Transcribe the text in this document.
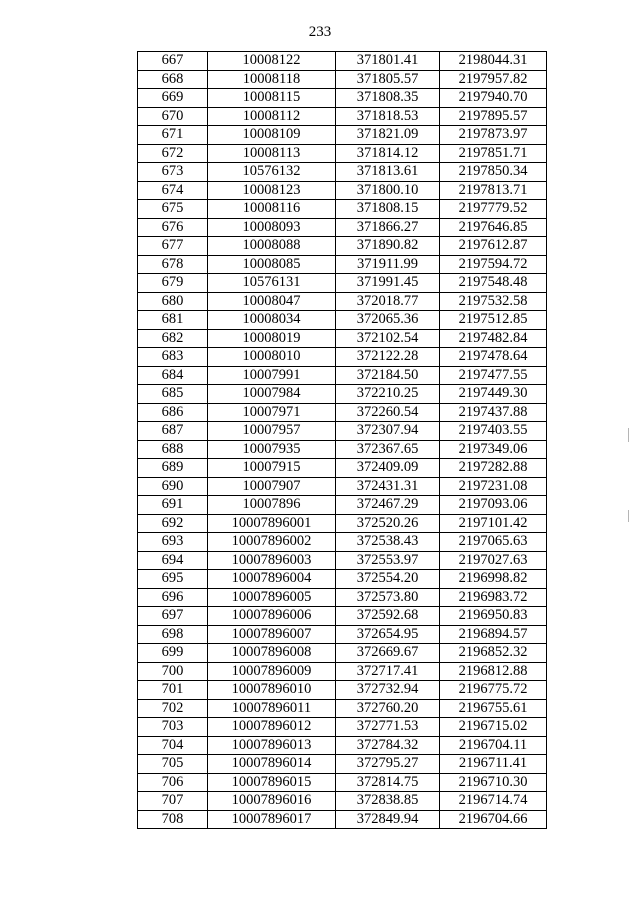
233
667	10008122	371801.41	2198044.31
668	10008118	371805.57	2197957.82
669	10008115	371808.35	2197940.70
670	10008112	371818.53	2197895.57
671	10008109	371821.09	2197873.97
672	10008113	371814.12	2197851.71
673	10576132	371813.61	2197850.34
674	10008123	371800.10	2197813.71
675	10008116	371808.15	2197779.52
676	10008093	371866.27	2197646.85
677	10008088	371890.82	2197612.87
678	10008085	371911.99	2197594.72
679	10576131	371991.45	2197548.48
680	10008047	372018.77	2197532.58
681	10008034	372065.36	2197512.85
682	10008019	372102.54	2197482.84
683	10008010	372122.28	2197478.64
684	10007991	372184.50	2197477.55
685	10007984	372210.25	2197449.30
686	10007971	372260.54	2197437.88
687	10007957	372307.94	2197403.55
688	10007935	372367.65	2197349.06
689	10007915	372409.09	2197282.88
690	10007907	372431.31	2197231.08
691	10007896	372467.29	2197093.06
692	10007896001	372520.26	2197101.42
693	10007896002	372538.43	2197065.63
694	10007896003	372553.97	2197027.63
695	10007896004	372554.20	2196998.82
696	10007896005	372573.80	2196983.72
697	10007896006	372592.68	2196950.83
698	10007896007	372654.95	2196894.57
699	10007896008	372669.67	2196852.32
700	10007896009	372717.41	2196812.88
701	10007896010	372732.94	2196775.72
702	10007896011	372760.20	2196755.61
703	10007896012	372771.53	2196715.02
704	10007896013	372784.32	2196704.11
705	10007896014	372795.27	2196711.41
706	10007896015	372814.75	2196710.30
707	10007896016	372838.85	2196714.74
708	10007896017	372849.94	2196704.66
